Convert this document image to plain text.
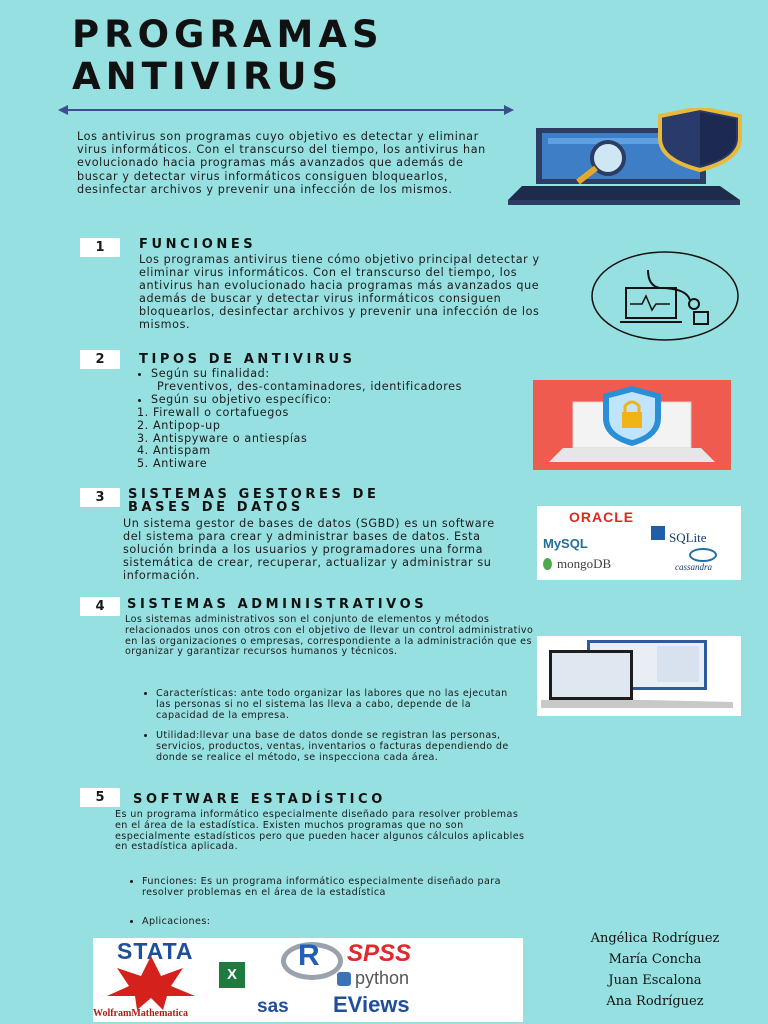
PROGRAMAS
ANTIVIRUS

Los antivirus son programas cuyo objetivo es detectar y eliminar virus informáticos. Con el transcurso del tiempo, los antivirus han evolucionado hacia programas más avanzados que además de buscar y detectar virus informáticos consiguen bloquearlos, desinfectar archivos y prevenir una infección de los mismos.

1	FUNCIONES

Los programas antivirus tiene cómo objetivo principal detectar y eliminar virus informáticos. Con el transcurso del tiempo, los antivirus han evolucionado hacia programas más avanzados que además de buscar y detectar virus informáticos consiguen bloquearlos, desinfectar archivos y prevenir una infección de los mismos.

2	TIPOS DE ANTIVIRUS
• Según su finalidad:
Preventivos, des-contaminadores, identificadores
• Según su objetivo específico:
1. Firewall o cortafuegos
2. Antipop-up
3. Antispyware o antiespías
4. Antispam
5. Antiware
3	SISTEMAS GESTORES DE
BASES DE DATOS

Un sistema gestor de bases de datos (SGBD) es un software del sistema para crear y administrar bases de datos. Esta solución brinda a los usuarios y programadores una forma sistemática de crear, recuperar, actualizar y administrar su información.

ORACLE
MySQL	SQLite
mongoDB	cassandra
4	SISTEMAS ADMINISTRATIVOS

Los sistemas administrativos son el conjunto de elementos y métodos relacionados unos con otros con el objetivo de llevar un control administrativo en las organizaciones o empresas, correspondiente a la administración que es organizar y garantizar recursos humanos y técnicos.

• Características: ante todo organizar las labores que no las ejecutan las personas si no el sistema las lleva a cabo, depende de la capacidad de la empresa.
• Utilidad:llevar una base de datos donde se registran las personas, servicios, productos, ventas, inventarios o facturas dependiendo de donde se realice el método, se inspecciona cada área.
5	SOFTWARE ESTADÍSTICO

Es un programa informático especialmente diseñado para resolver problemas en el área de la estadística. Existen muchos programas que no son especialmente estadísticos pero que pueden hacer algunos cálculos aplicables en estadística aplicada.

• Funciones: Es un programa informático especialmente diseñado para resolver problemas en el área de la estadística
• Aplicaciones:
STATA	R SPSS
WolframMathematica
X	python
sas EViews
Angélica Rodríguez
María Concha
Juan Escalona
Ana Rodríguez
